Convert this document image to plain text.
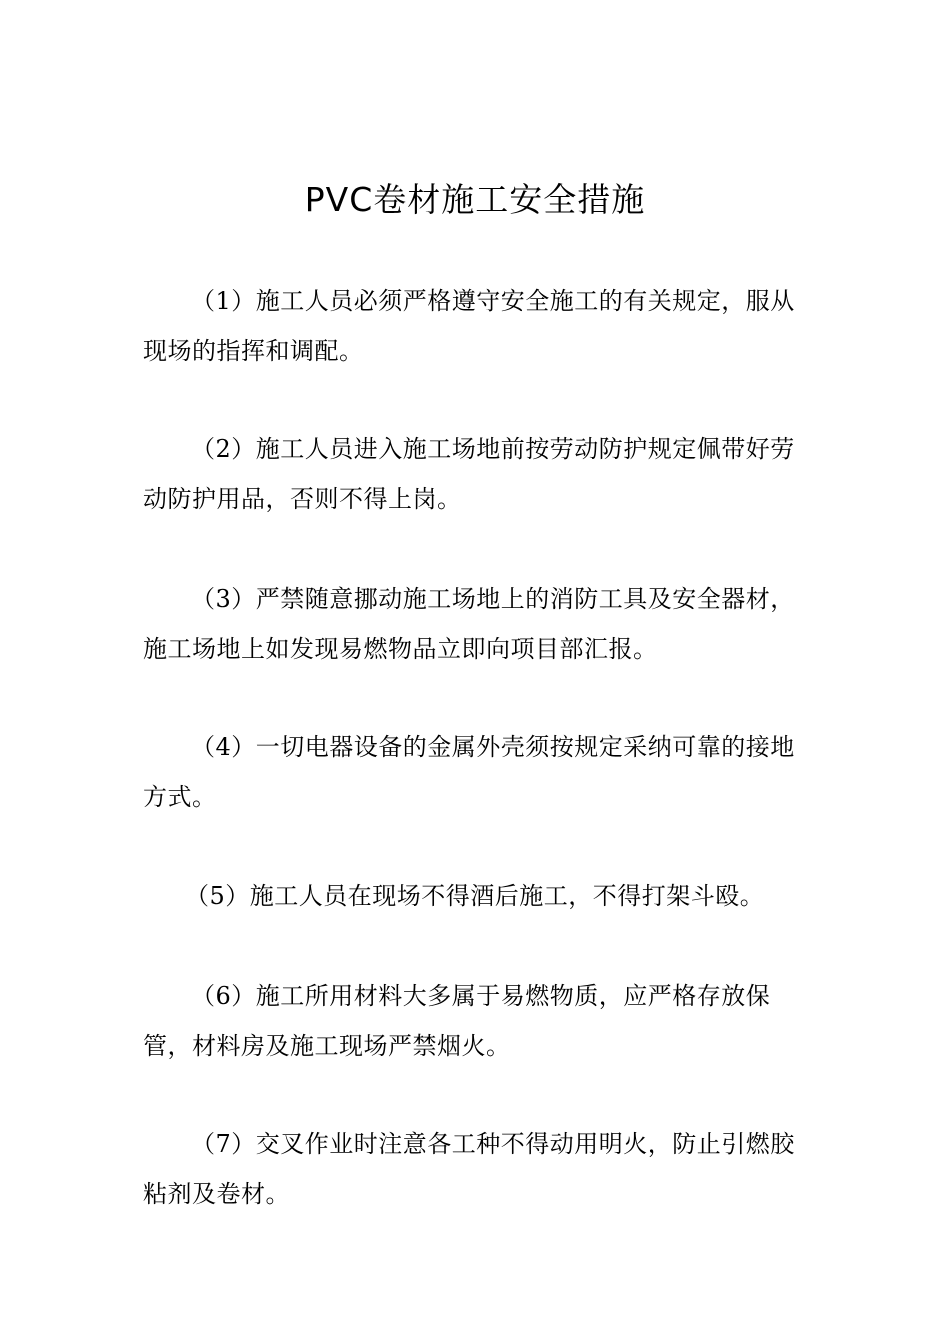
PVC卷材施工安全措施

（1）施工人员必须严格遵守安全施工的有关规定，服从现场的指挥和调配。

（2）施工人员进入施工场地前按劳动防护规定佩带好劳动防护用品，否则不得上岗。

（3）严禁随意挪动施工场地上的消防工具及安全器材，施工场地上如发现易燃物品立即向项目部汇报。

（4）一切电器设备的金属外壳须按规定采纳可靠的接地方式。

（5）施工人员在现场不得酒后施工，不得打架斗殴。

（6）施工所用材料大多属于易燃物质，应严格存放保管，材料房及施工现场严禁烟火。

（7）交叉作业时注意各工种不得动用明火，防止引燃胶粘剂及卷材。
